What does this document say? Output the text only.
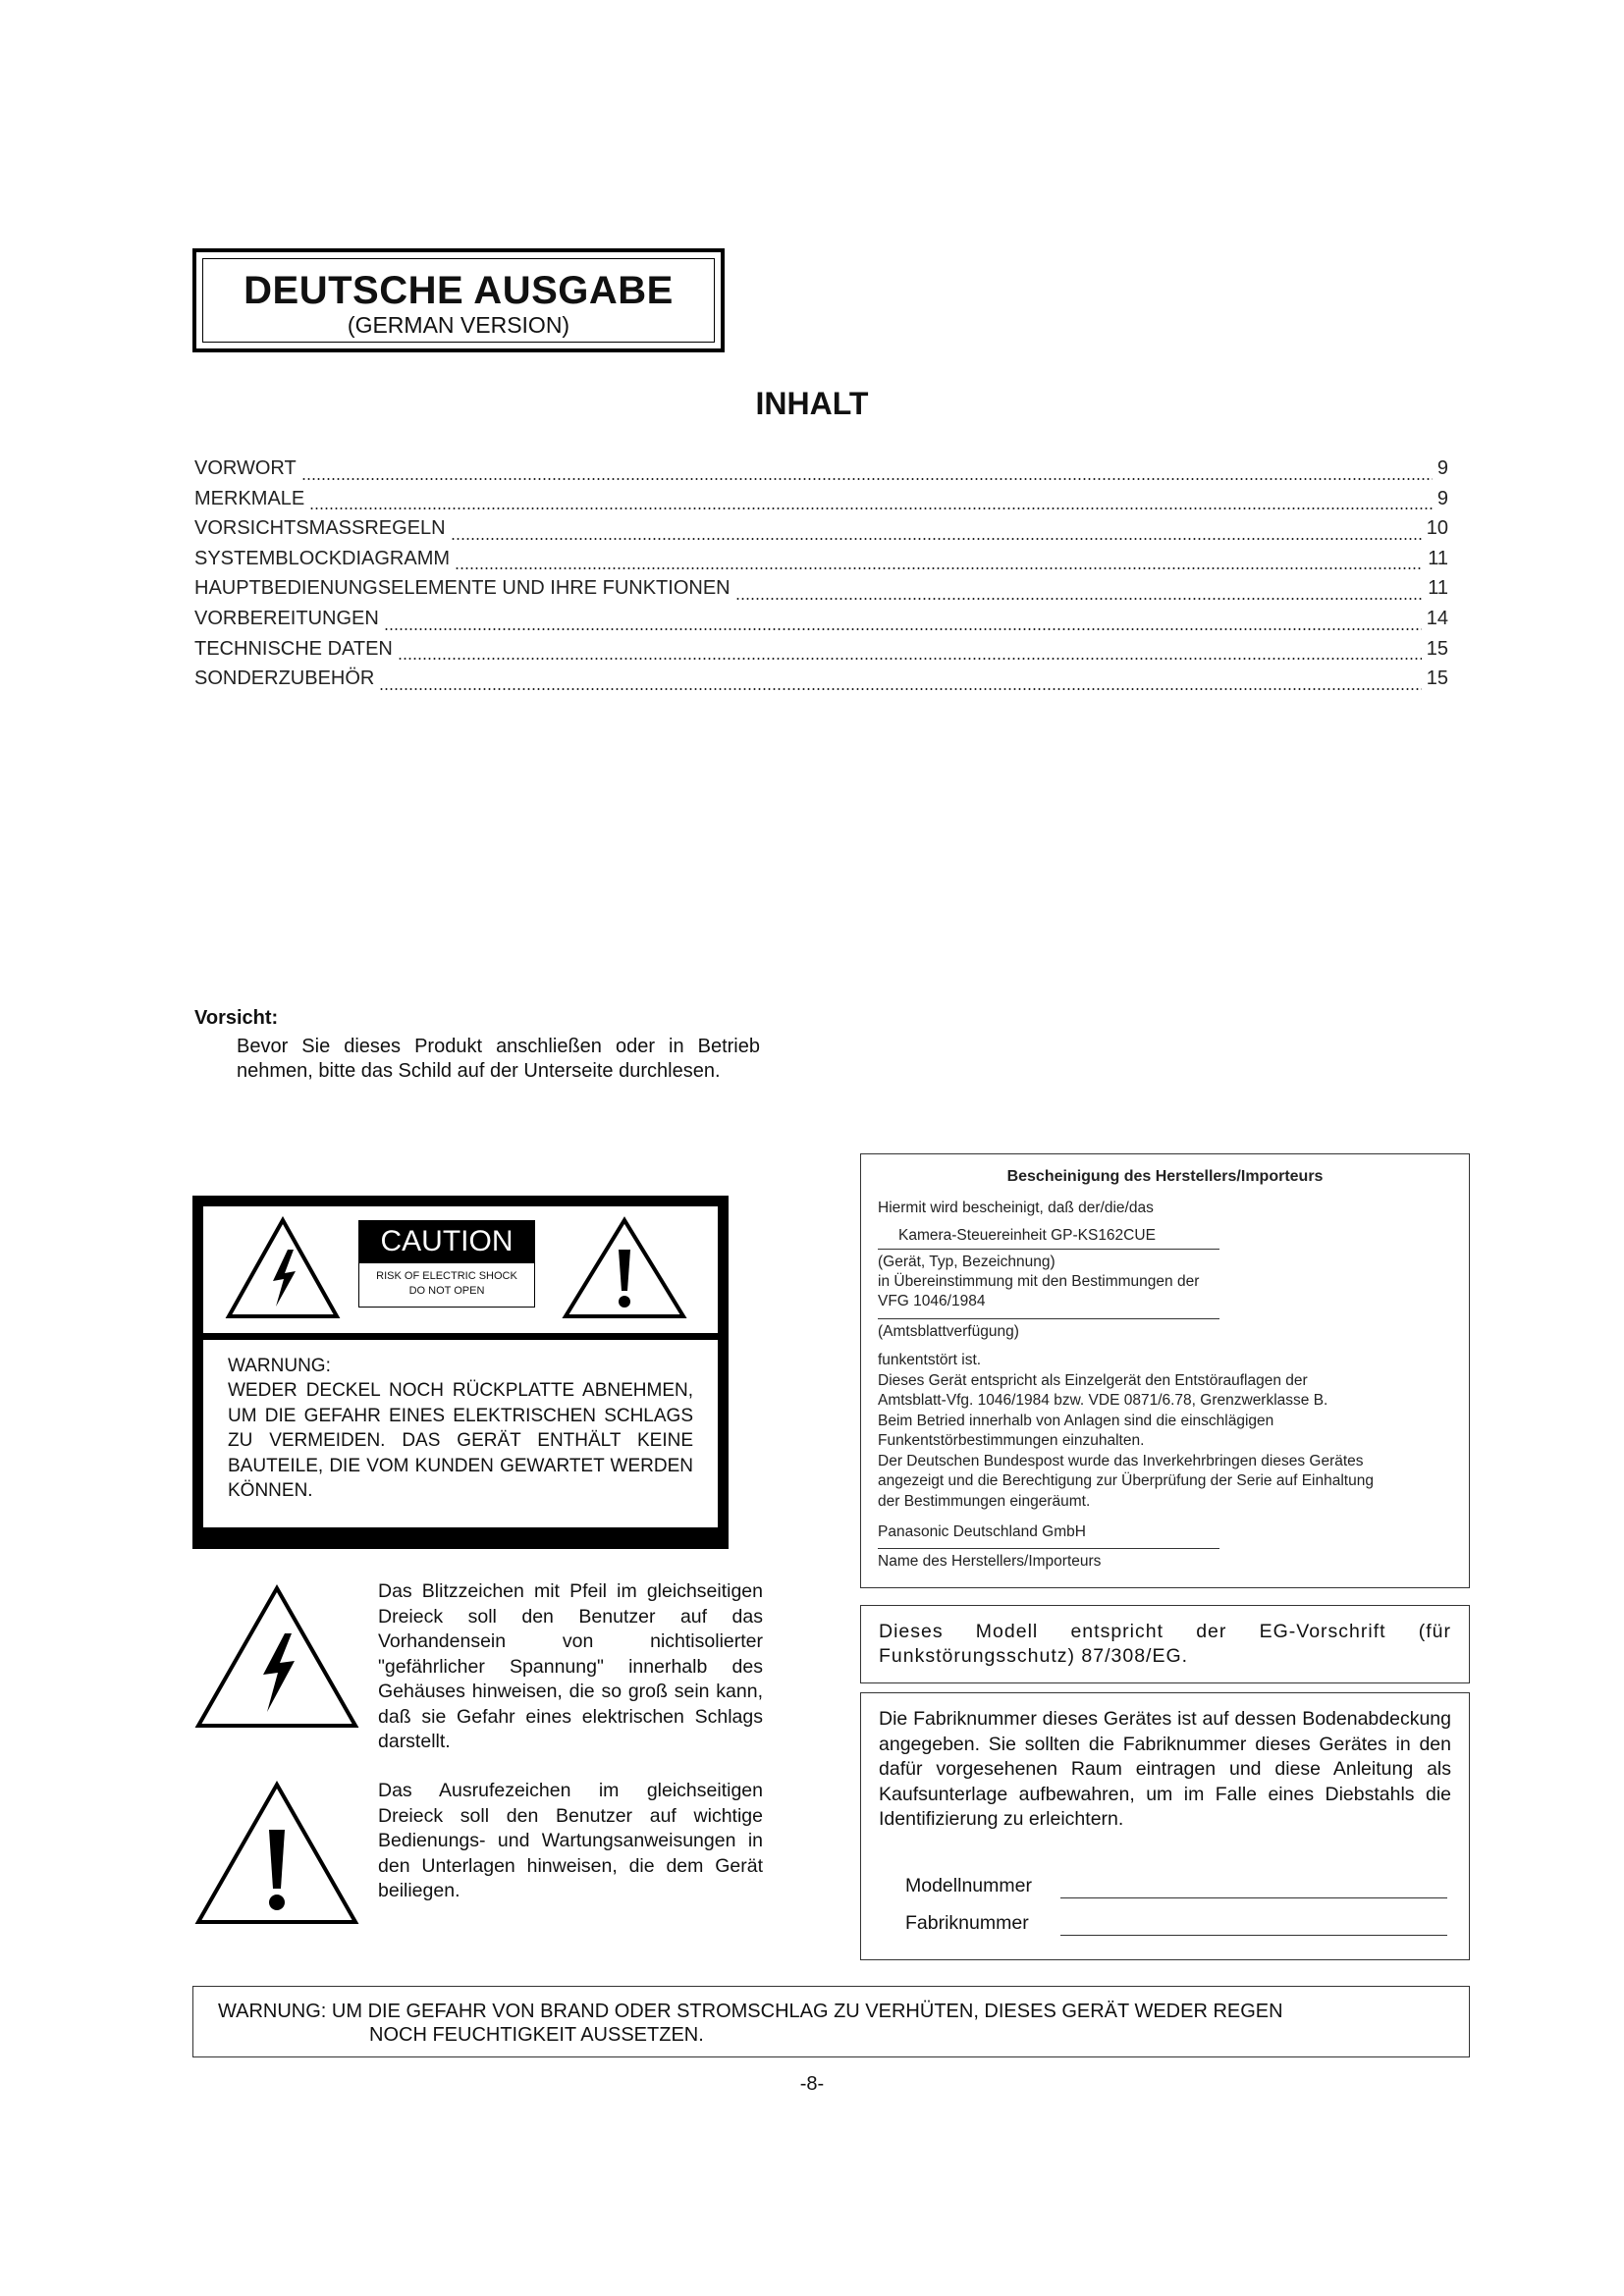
DEUTSCHE AUSGABE
(GERMAN VERSION)
INHALT
VORWORT	9
MERKMALE	9
VORSICHTSMASSREGELN	10
SYSTEMBLOCKDIAGRAMM	11
HAUPTBEDIENUNGSELEMENTE UND IHRE FUNKTIONEN	11
VORBEREITUNGEN	14
TECHNISCHE DATEN	15
SONDERZUBEHÖR	15
Vorsicht:
Bevor Sie dieses Produkt anschließen oder in Betrieb nehmen, bitte das Schild auf der Unterseite durchlesen.
CAUTION
RISK OF ELECTRIC SHOCK
DO NOT OPEN
WARNUNG:
WEDER DECKEL NOCH RÜCKPLATTE ABNEHMEN, UM DIE GEFAHR EINES ELEKTRISCHEN SCHLAGS ZU VERMEIDEN. DAS GERÄT ENTHÄLT KEINE BAUTEILE, DIE VOM KUNDEN GEWARTET WERDEN KÖNNEN.
Das Blitzzeichen mit Pfeil im gleichseitigen Dreieck soll den Benutzer auf das Vorhandensein von nichtisolierter "gefährlicher Spannung" innerhalb des Gehäuses hinweisen, die so groß sein kann, daß sie Gefahr eines elektrischen Schlags darstellt.
Das Ausrufezeichen im gleichseitigen Dreieck soll den Benutzer auf wichtige Bedienungs- und Wartungsanweisungen in den Unterlagen hinweisen, die dem Gerät beiliegen.
Bescheinigung des Herstellers/Importeurs
Hiermit wird bescheinigt, daß der/die/das
Kamera-Steuereinheit GP-KS162CUE
(Gerät, Typ, Bezeichnung)
in Übereinstimmung mit den Bestimmungen der
VFG 1046/1984
(Amtsblattverfügung)
funkentstört ist.
Dieses Gerät entspricht als Einzelgerät den Entstörauflagen der
Amtsblatt-Vfg. 1046/1984 bzw. VDE 0871/6.78, Grenzwerklasse B.
Beim Betried innerhalb von Anlagen sind die einschlägigen
Funkentstörbestimmungen einzuhalten.
Der Deutschen Bundespost wurde das Inverkehrbringen dieses Gerätes
angezeigt und die Berechtigung zur Überprüfung der Serie auf Einhaltung
der Bestimmungen eingeräumt.
Panasonic Deutschland GmbH
Name des Herstellers/Importeurs
Dieses Modell entspricht der EG-Vorschrift (für Funkstörungsschutz) 87/308/EG.
Die Fabriknummer dieses Gerätes ist auf dessen Bodenabdeckung angegeben. Sie sollten die Fabriknummer dieses Gerätes in den dafür vorgesehenen Raum eintragen und diese Anleitung als Kaufsunterlage aufbewahren, um im Falle eines Diebstahls die Identifizierung zu erleichtern.
Modellnummer
Fabriknummer
WARNUNG: UM DIE GEFAHR VON BRAND ODER STROMSCHLAG ZU VERHÜTEN, DIESES GERÄT WEDER REGEN
NOCH FEUCHTIGKEIT AUSSETZEN.
-8-
